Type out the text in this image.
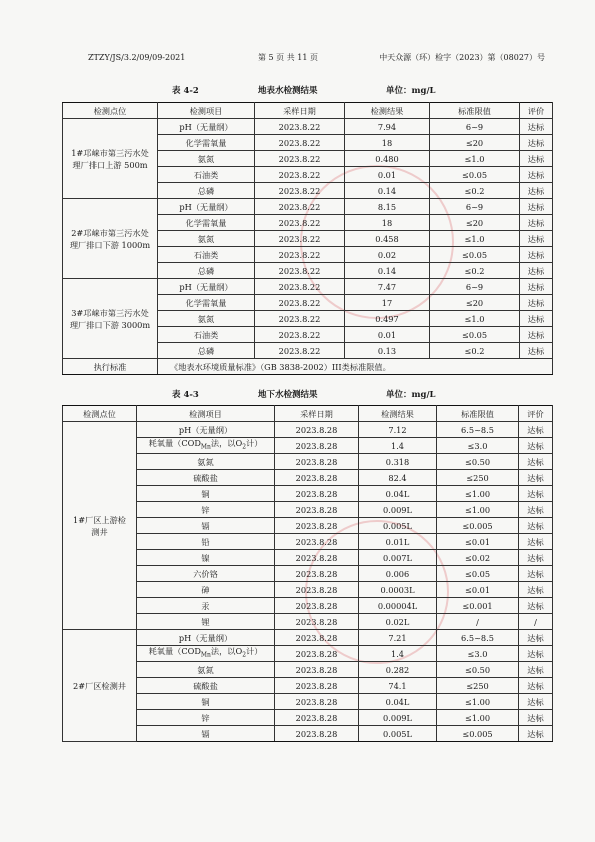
ZTZY/JS/3.2/09/09-2021	第 5 页 共 11 页	中天众源（环）检字（2023）第（08027）号
表 4-2	地表水检测结果	单位：mg/L
检测点位	检测项目	采样日期	检测结果	标准限值	评价
1#邛崃市第三污水处理厂排口上游 500m	pH（无量纲）	2023.8.22	7.94	6~9	达标
	化学需氧量	2023.8.22	18	≤20	达标
	氨氮	2023.8.22	0.480	≤1.0	达标
	石油类	2023.8.22	0.01	≤0.05	达标
	总磷	2023.8.22	0.14	≤0.2	达标
2#邛崃市第三污水处理厂排口下游 1000m	pH（无量纲）	2023.8.22	8.15	6~9	达标
	化学需氧量	2023.8.22	18	≤20	达标
	氨氮	2023.8.22	0.458	≤1.0	达标
	石油类	2023.8.22	0.02	≤0.05	达标
	总磷	2023.8.22	0.14	≤0.2	达标
3#邛崃市第三污水处理厂排口下游 3000m	pH（无量纲）	2023.8.22	7.47	6~9	达标
	化学需氧量	2023.8.22	17	≤20	达标
	氨氮	2023.8.22	0.497	≤1.0	达标
	石油类	2023.8.22	0.01	≤0.05	达标
	总磷	2023.8.22	0.13	≤0.2	达标
执行标准	《地表水环境质量标准》（GB 3838-2002）III类标准限值。				
表 4-3	地下水检测结果	单位：mg/L
检测点位	检测项目	采样日期	检测结果	标准限值	评价
1#厂区上游检测井	pH（无量纲）	2023.8.28	7.12	6.5~8.5	达标
	耗氧量（$COD_{Mn}$法，以$O_2$计）	2023.8.28	1.4	≤3.0	达标
	氨氮	2023.8.28	0.318	≤0.50	达标
	硫酸盐	2023.8.28	82.4	≤250	达标
	铜	2023.8.28	0.04L	≤1.00	达标
	锌	2023.8.28	0.009L	≤1.00	达标
	镉	2023.8.28	0.005L	≤0.005	达标
	铅	2023.8.28	0.01L	≤0.01	达标
	镍	2023.8.28	0.007L	≤0.02	达标
	六价铬	2023.8.28	0.006	≤0.05	达标
	砷	2023.8.28	0.0003L	≤0.01	达标
	汞	2023.8.28	0.00004L	≤0.001	达标
	锂	2023.8.28	0.02L	/	/
2#厂区检测井	pH（无量纲）	2023.8.28	7.21	6.5~8.5	达标
	耗氧量（$COD_{Mn}$法，以$O_2$计）	2023.8.28	1.4	≤3.0	达标
	氨氮	2023.8.28	0.282	≤0.50	达标
	硫酸盐	2023.8.28	74.1	≤250	达标
	铜	2023.8.28	0.04L	≤1.00	达标
	锌	2023.8.28	0.009L	≤1.00	达标
	镉	2023.8.28	0.005L	≤0.005	达标
